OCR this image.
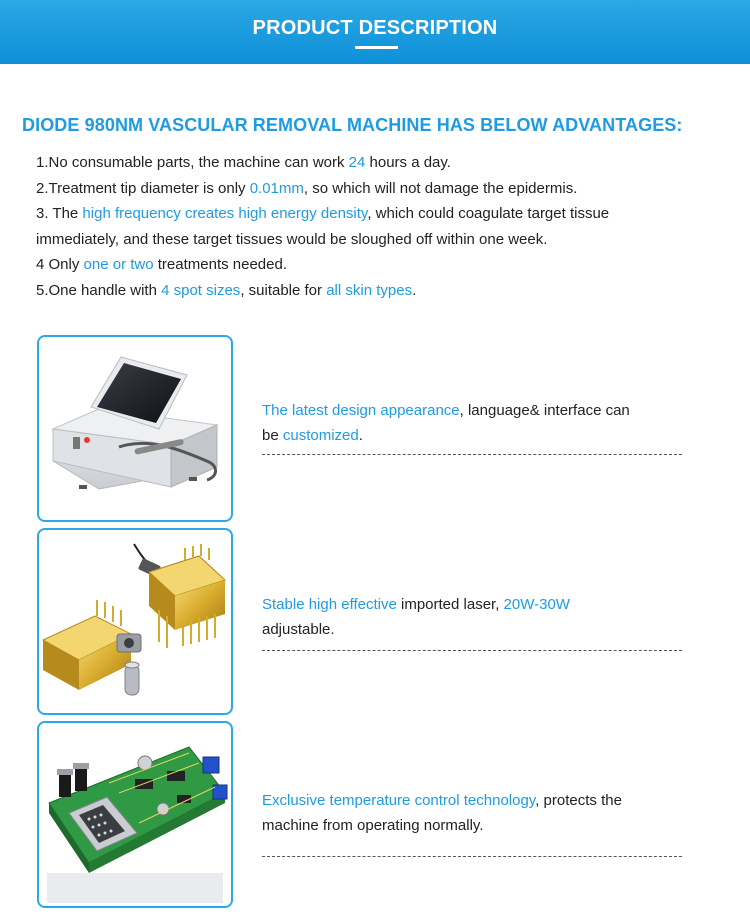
PRODUCT DESCRIPTION
DIODE 980NM VASCULAR REMOVAL MACHINE HAS BELOW ADVANTAGES:
1.No consumable parts, the machine can work 24 hours a day.
2.Treatment tip diameter is only 0.01mm, so which will not damage the epidermis.
3. The high frequency creates high energy density, which could coagulate target tissue
immediately, and these target tissues would be sloughed off within one week.
4 Only one or two treatments needed.
5.One handle with 4 spot sizes, suitable for all skin types.
The latest design appearance, language& interface can
be customized.
Stable high effective imported laser, 20W-30W
adjustable.
Exclusive temperature control technology, protects the
machine from operating normally.
